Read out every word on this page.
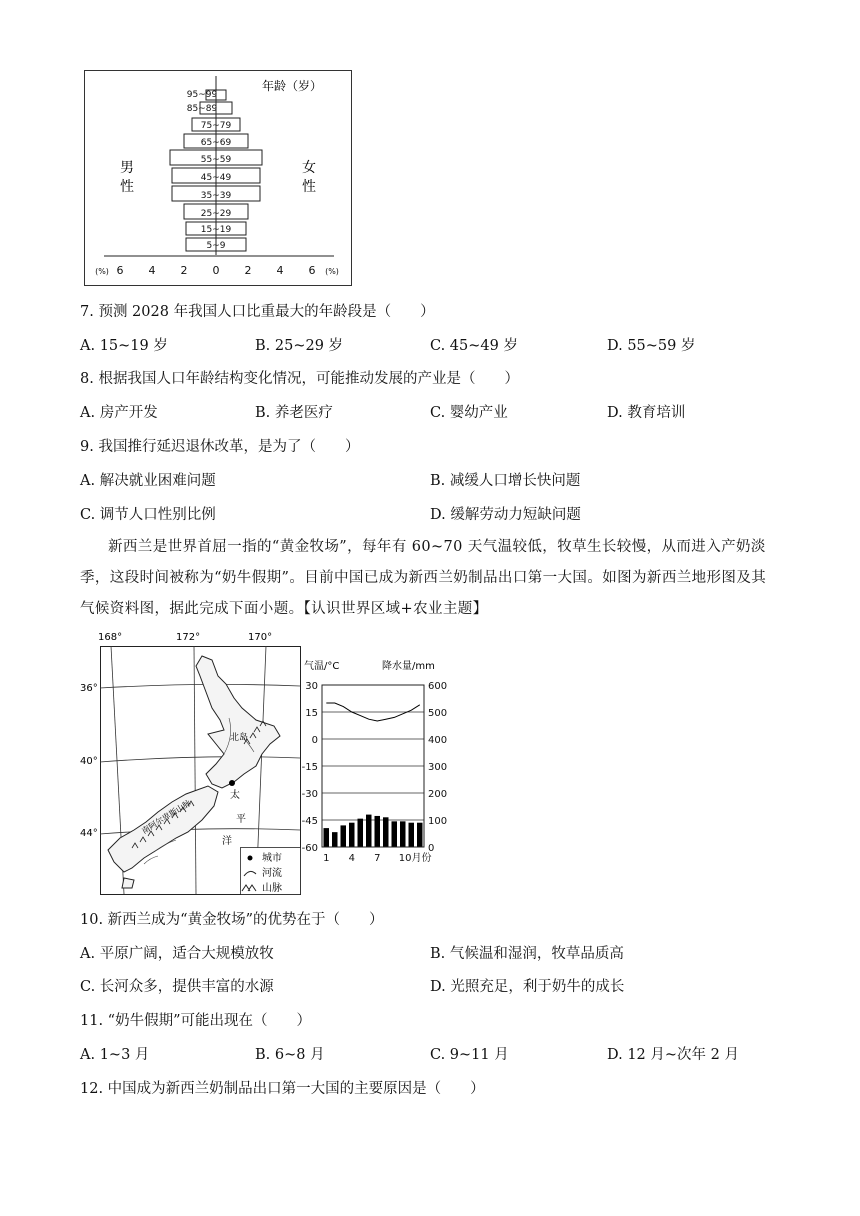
95~99
85~89
75~79
65~69
55~59
45~49
35~39
25~29
15~19
5~9
年龄（岁）
男
性
女
性
(%) 6 4 2 0 2 4 6 (%)
7. 预测 2028 年我国人口比重最大的年龄段是（　　）
A. 15~19 岁	B. 25~29 岁	C. 45~49 岁	D. 55~59 岁
8. 根据我国人口年龄结构变化情况，可能推动发展的产业是（　　）
A. 房产开发	B. 养老医疗	C. 婴幼产业	D. 教育培训
9. 我国推行延迟退休改革，是为了（　　）
A. 解决就业困难问题	B. 减缓人口增长快问题
C. 调节人口性别比例	D. 缓解劳动力短缺问题
新西兰是世界首屈一指的“黄金牧场”，每年有 60~70 天气温较低，牧草生长较慢，从而进入产奶淡季，这段时间被称为“奶牛假期”。目前中国已成为新西兰奶制品出口第一大国。如图为新西兰地形图及其气候资料图，据此完成下面小题。【认识世界区域+农业主题】
168°	172°	170°
36°
40°
44°
北岛
南阿尔卑斯山脉
太
平
洋
城市
河流
山脉
气温/°C	降水量/mm
30	600
15	500
0	400
-15	300
-30	200
-45	100
-60	0
1 4 7 10月份
10. 新西兰成为“黄金牧场”的优势在于（　　）
A. 平原广阔，适合大规模放牧	B. 气候温和湿润，牧草品质高
C. 长河众多，提供丰富的水源	D. 光照充足，利于奶牛的成长
11. “奶牛假期”可能出现在（　　）
A. 1~3 月	B. 6~8 月	C. 9~11 月	D. 12 月~次年 2 月
12. 中国成为新西兰奶制品出口第一大国的主要原因是（　　）
